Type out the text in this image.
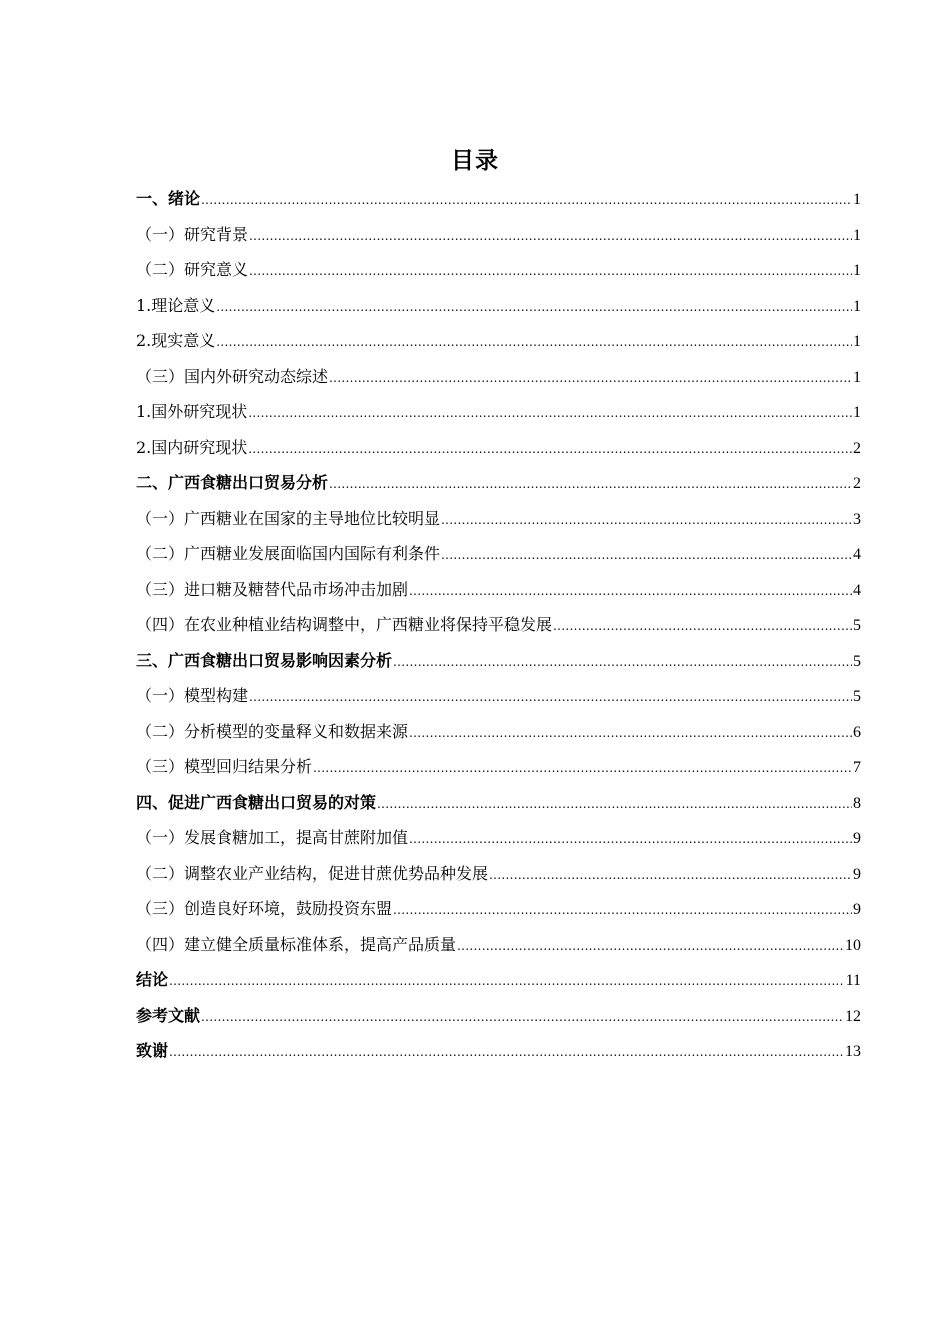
目录
一、绪论 .....	1
（一）研究背景 .....	1
（二）研究意义 .....	1
1.理论意义 .....	1
2.现实意义 .....	1
（三）国内外研究动态综述 .....	1
1.国外研究现状 .....	1
2.国内研究现状 .....	2
二、广西食糖出口贸易分析 .....	2
（一）广西糖业在国家的主导地位比较明显 .....	3
（二）广西糖业发展面临国内国际有利条件 .....	4
（三）进口糖及糖替代品市场冲击加剧 .....	4
（四）在农业种植业结构调整中，广西糖业将保持平稳发展 .....	5
三、广西食糖出口贸易影响因素分析 .....	5
（一）模型构建 .....	5
（二）分析模型的变量释义和数据来源 .....	6
（三）模型回归结果分析 .....	7
四、促进广西食糖出口贸易的对策 .....	8
（一）发展食糖加工，提高甘蔗附加值 .....	9
（二）调整农业产业结构，促进甘蔗优势品种发展 .....	9
（三）创造良好环境，鼓励投资东盟 .....	9
（四）建立健全质量标准体系，提高产品质量 .....	10
结论 .....	11
参考文献 .....	12
致谢 .....	13
